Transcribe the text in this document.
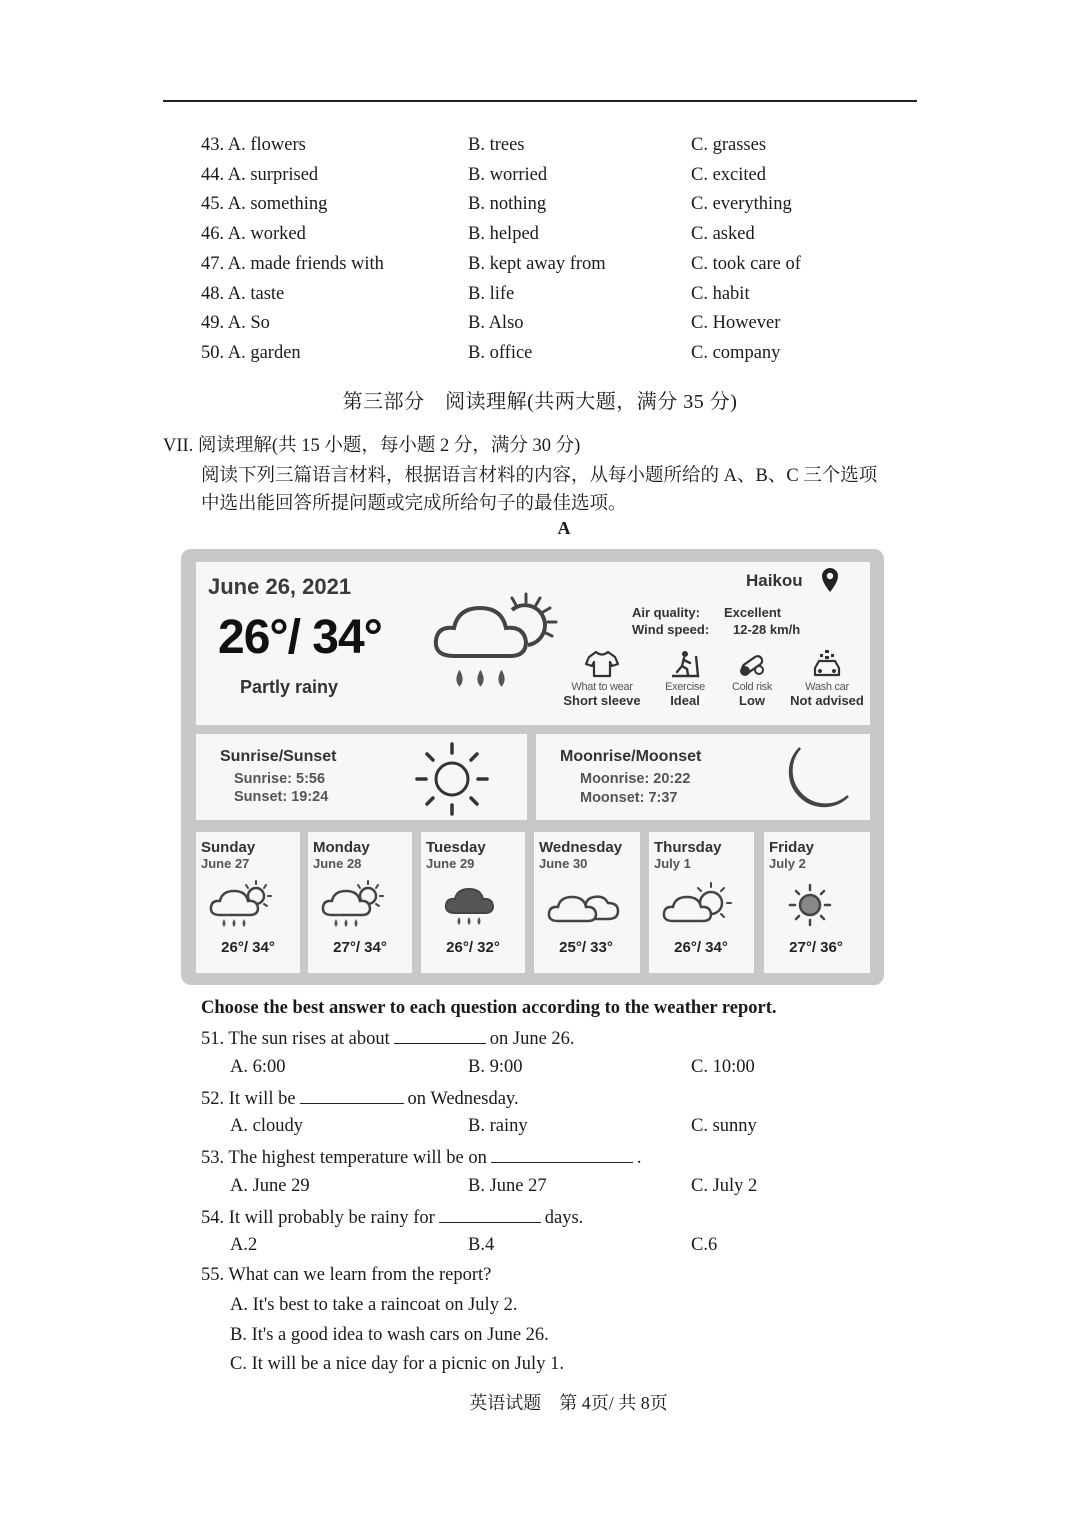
43. A. flowers	B. trees	C. grasses
44. A. surprised	B. worried	C. excited
45. A. something	B. nothing	C. everything
46. A. worked	B. helped	C. asked
47. A. made friends with	B. kept away from	C. took care of
48. A. taste	B. life	C. habit
49. A. So	B. Also	C. However
50. A. garden	B. office	C. company
第三部分　阅读理解(共两大题，满分 35 分)
VII. 阅读理解(共 15 小题，每小题 2 分，满分 30 分)
阅读下列三篇语言材料，根据语言材料的内容，从每小题所给的 A、B、C 三个选项
中选出能回答所提问题或完成所给句子的最佳选项。
A
June 26, 2021
26°/ 34°
Partly rainy
Haikou
Air quality: Excellent
Wind speed: 12-28 km/h
What to wear
Short sleeve
Exercise
Ideal
Cold risk
Low
Wash car
Not advised
Sunrise/Sunset
Sunrise: 5:56
Sunset: 19:24
Moonrise/Moonset
Moonrise: 20:22
Moonset: 7:37
Sunday
June 27
26°/ 34°
Monday
June 28
27°/ 34°
Tuesday
June 29
26°/ 32°
Wednesday
June 30
25°/ 33°
Thursday
July 1
26°/ 34°
Friday
July 2
27°/ 36°
Choose the best answer to each question according to the weather report.
51. The sun rises at about	on June 26.
A. 6:00	B. 9:00	C. 10:00
52. It will be	on Wednesday.
A. cloudy	B. rainy	C. sunny
53. The highest temperature will be on	.
A. June 29	B. June 27	C. July 2
54. It will probably be rainy for	days.
A.2	B.4	C.6
55. What can we learn from the report?
A. It's best to take a raincoat on July 2.
B. It's a good idea to wash cars on June 26.
C. It will be a nice day for a picnic on July 1.
英语试题　第 4页/ 共 8页
